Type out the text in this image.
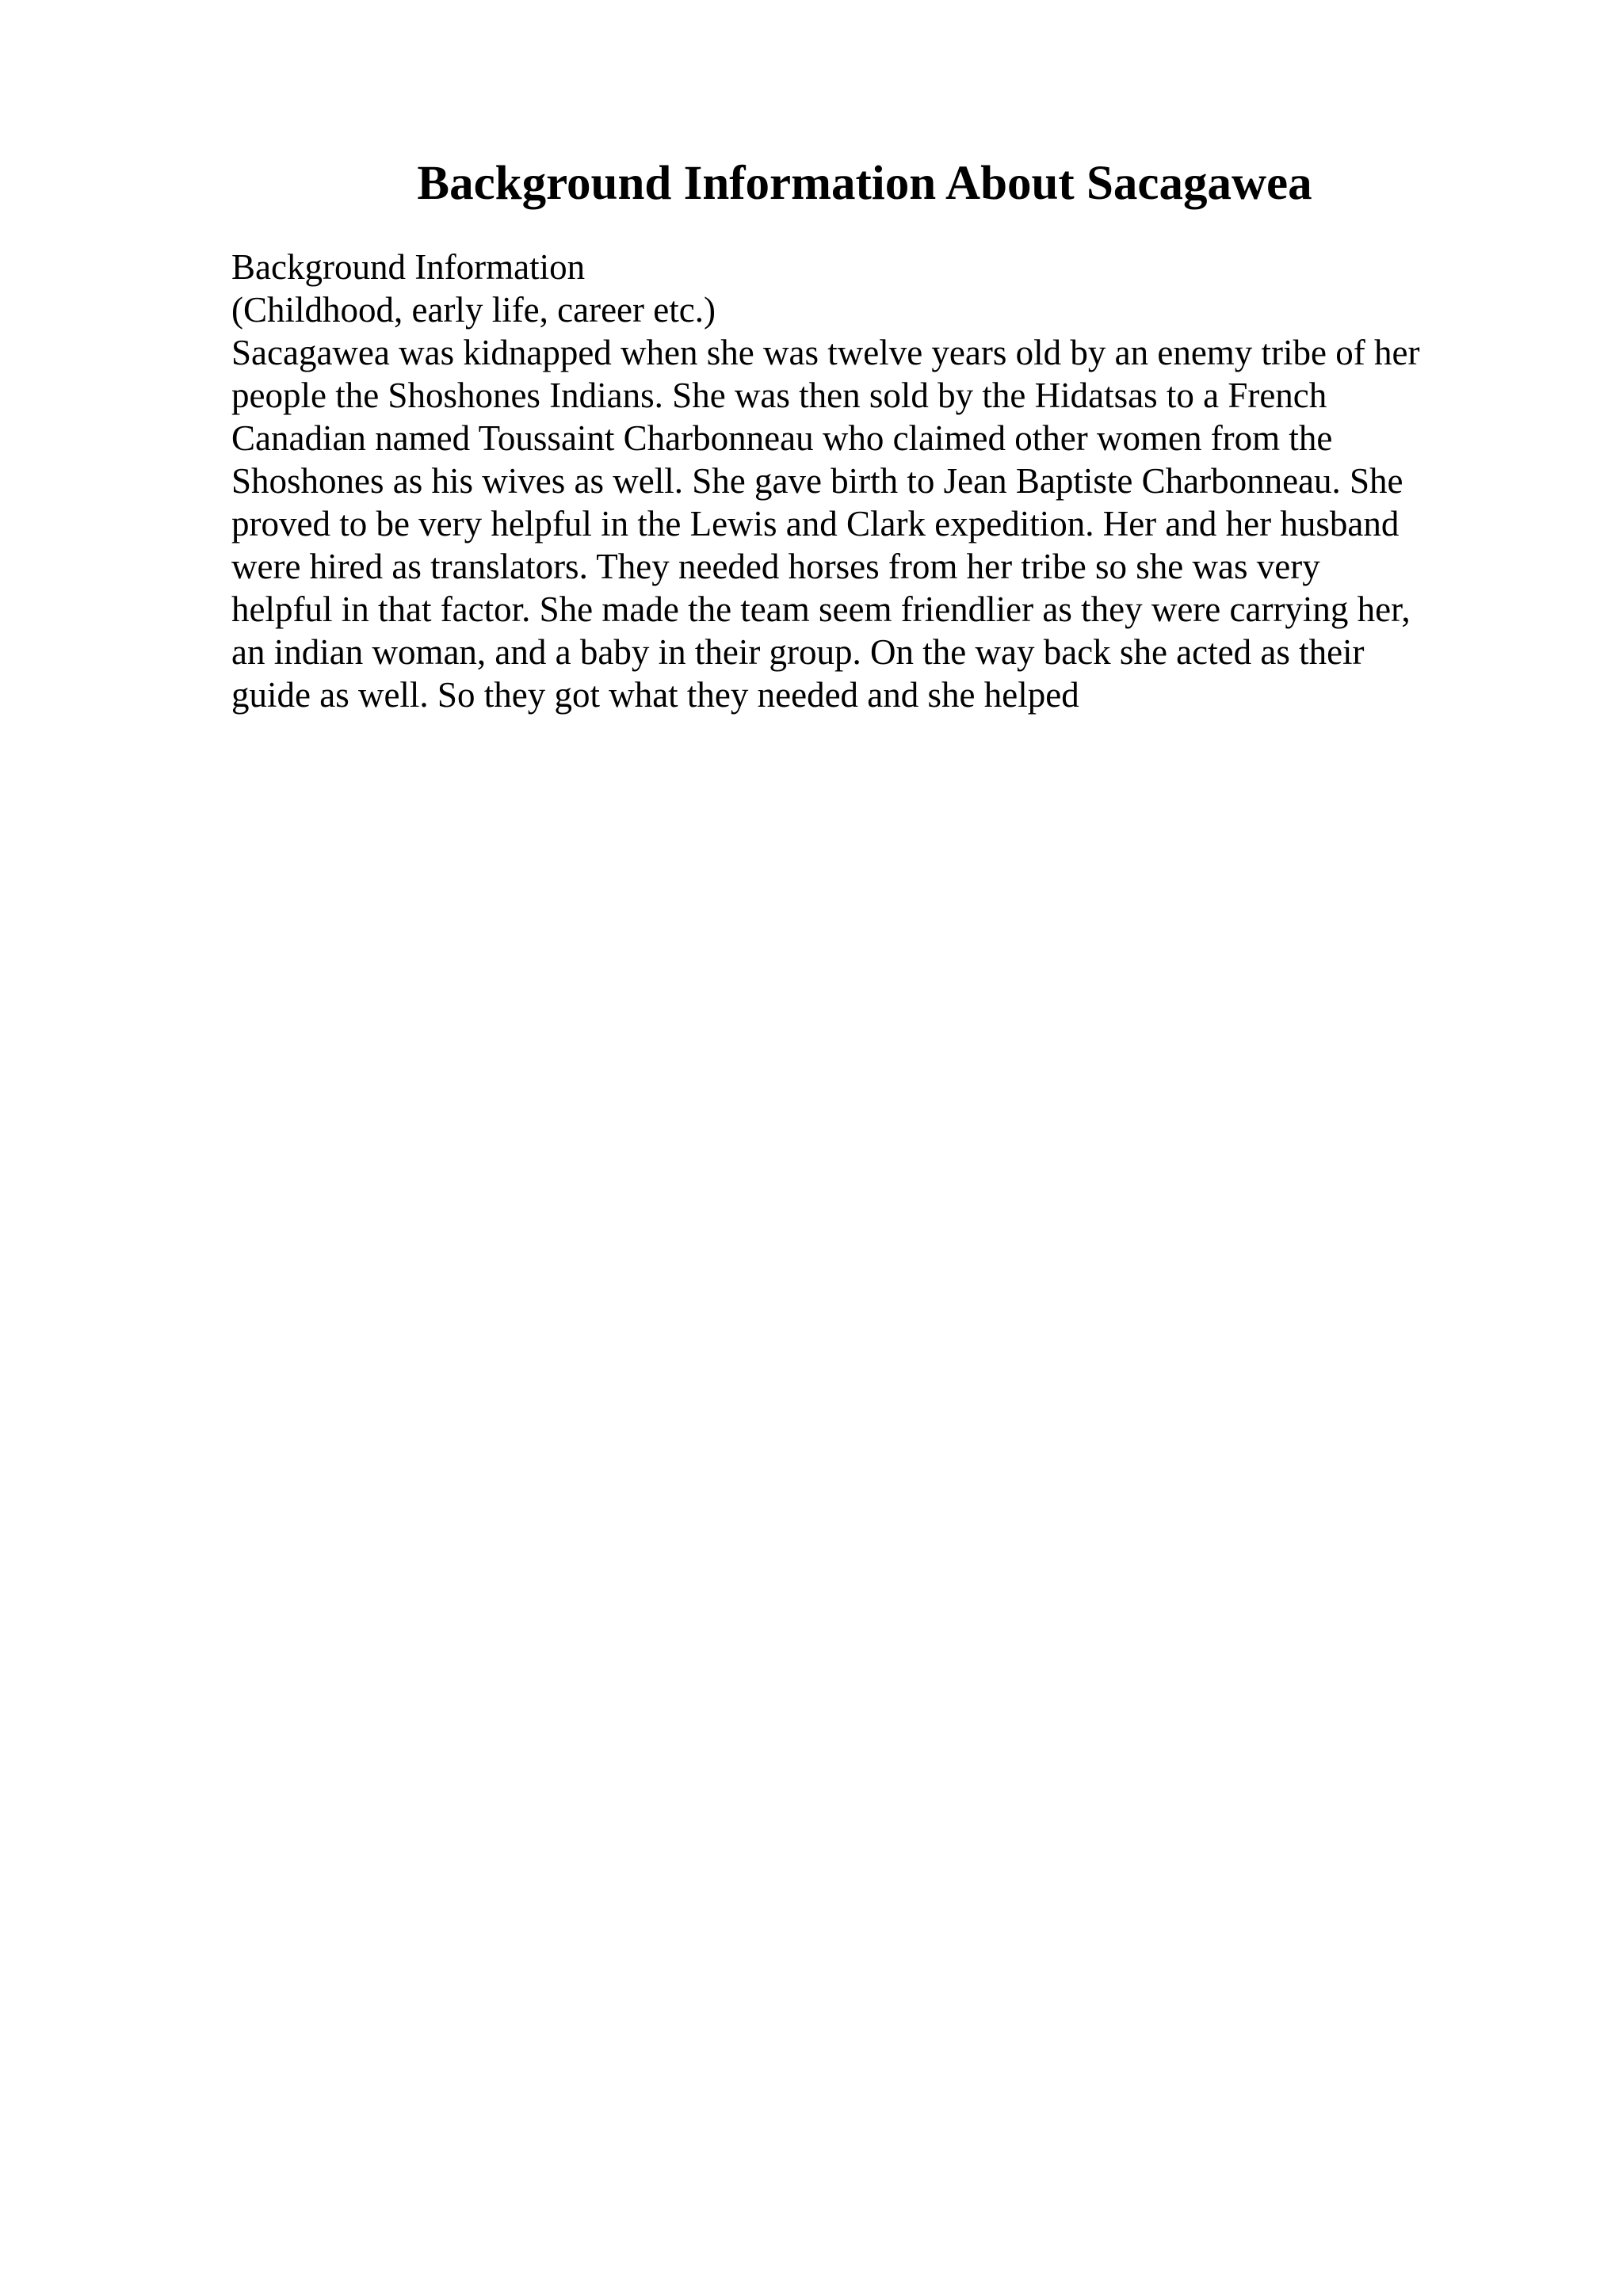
Background Information About Sacagawea
Background Information
(Childhood, early life, career etc.)
Sacagawea was kidnapped when she was twelve years old by an enemy tribe of her
people the Shoshones Indians. She was then sold by the Hidatsas to a French
Canadian named Toussaint Charbonneau who claimed other women from the
Shoshones as his wives as well. She gave birth to Jean Baptiste Charbonneau. She
proved to be very helpful in the Lewis and Clark expedition. Her and her husband
were hired as translators. They needed horses from her tribe so she was very
helpful in that factor. She made the team seem friendlier as they were carrying her,
an indian woman, and a baby in their group. On the way back she acted as their
guide as well. So they got what they needed and she helped
